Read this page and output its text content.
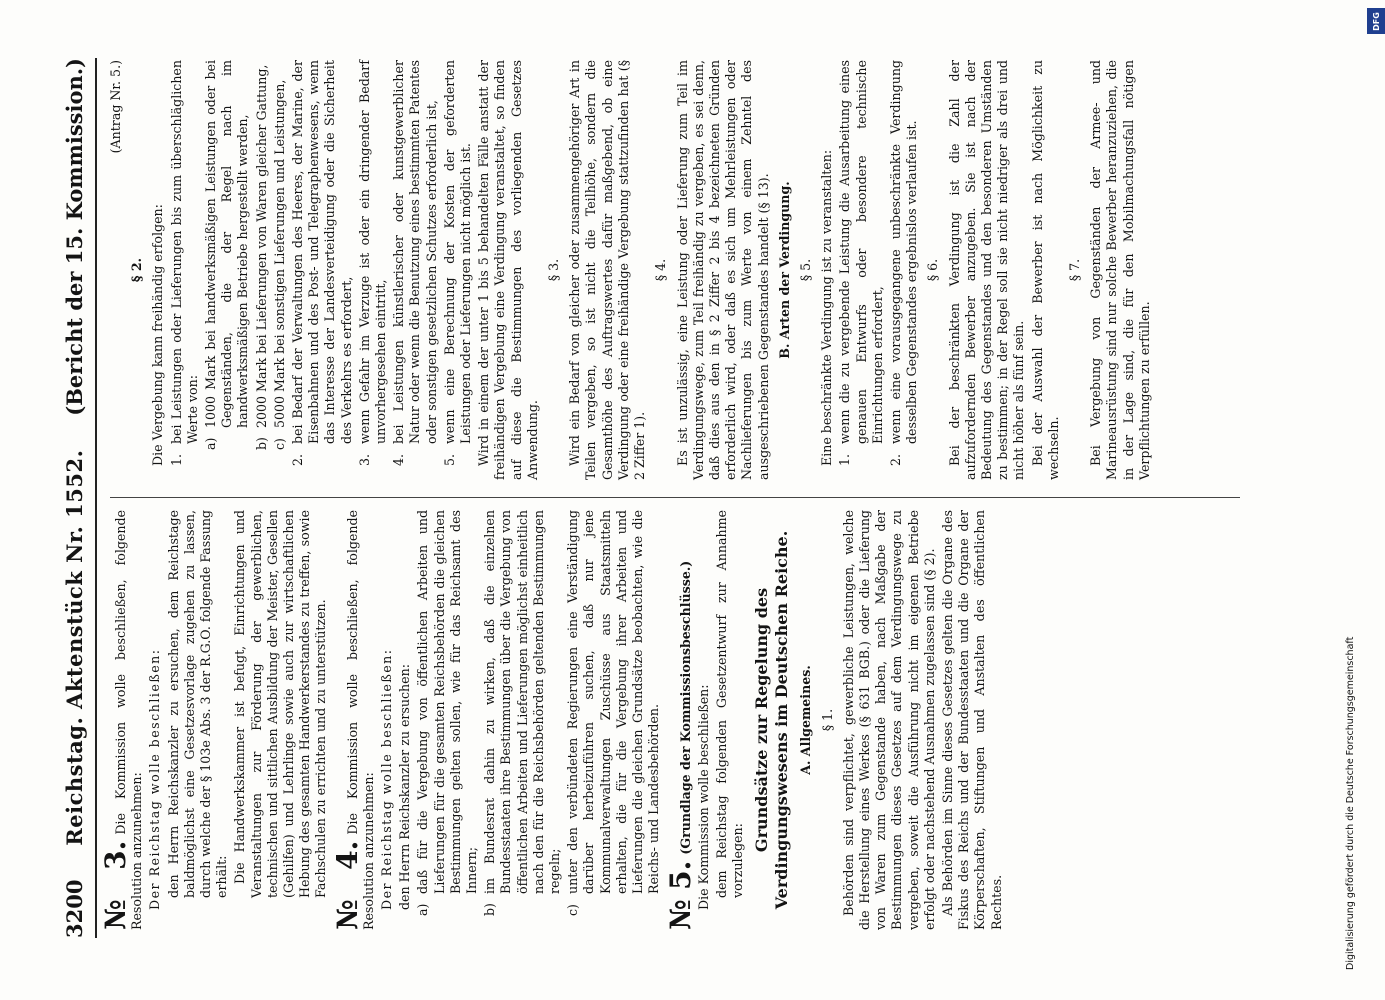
3200
Reichstag. Aktenstück Nr. 1552.
(Bericht der 15. Kommission.)

№ 3.Die Kommission wolle beschließen, folgende Resolution anzunehmen: Der Reichstag wolle beschließen: den Herrn Reichskanzler zu ersuchen, dem Reichstage baldmöglichst eine Gesetzesvorlage zugehen zu lassen, durch welche der § 103e Abs. 3 der R.G.O. folgende Fassung erhält: Die Handwerkskammer ist befugt, Einrichtungen und Veranstaltungen zur Förderung der gewerblichen, technischen und sittlichen Ausbildung der Meister, Gesellen (Gehilfen) und Lehrlinge sowie auch zur wirtschaftlichen Hebung des gesamten Handwerkerstandes zu treffen, sowie Fachschulen zu errichten und zu unterstützen. № 4.Die Kommission wolle beschließen, folgende Resolution anzunehmen: Der Reichstag wolle beschließen: den Herrn Reichskanzler zu ersuchen: a)
daß für die Vergebung von öffentlichen Arbeiten und Lieferungen für die gesamten Reichsbehörden die gleichen Bestimmungen gelten sollen, wie für das Reichsamt des Innern;
b)
im Bundesrat dahin zu wirken, daß die einzelnen Bundesstaaten ihre Bestimmungen über die Vergebung von öffentlichen Arbeiten und Lieferungen möglichst einheitlich nach den für die Reichsbehörden geltenden Bestimmungen regeln;
c)
unter den verbündeten Regierungen eine Verständigung darüber herbeizuführen suchen, daß nur jene Kommunalverwaltungen Zuschüsse aus Staatsmitteln erhalten, die für die Vergebung ihrer Arbeiten und Lieferungen die gleichen Grundsätze beobachten, wie die Reichs- und Landesbehörden.

№ 5.(Grundlage der Kommissionsbeschlüsse.) Die Kommission wolle beschließen: dem Reichstag folgenden Gesetzentwurf zur Annahme vorzulegen:

Grundsätze zur Regelung des Verdingungswesens im Deutschen Reiche. A. Allgemeines. § 1. Behörden sind verpflichtet, gewerbliche Leistungen, welche die Herstellung eines Werkes (§ 631 BGB.) oder die Lieferung von Waren zum Gegenstande haben, nach Maßgabe der Bestimmungen dieses Gesetzes auf dem Verdingungswege zu vergeben, soweit die Ausführung nicht im eigenen Betriebe erfolgt oder nachstehend Ausnahmen zugelassen sind (§ 2). Als Behörden im Sinne dieses Gesetzes gelten die Organe des Fiskus des Reichs und der Bundesstaaten und die Organe der Körperschaften, Stiftungen und Anstalten des öffentlichen Rechtes.

(Antrag Nr. 5.)

§ 2. Die Vergebung kann freihändig erfolgen: 1.
bei Leistungen oder Lieferungen bis zum überschläglichen Werte von: a)
1000 Mark bei handwerksmäßigen Leistungen oder bei Gegenständen, die der Regel nach im handwerksmäßigen Betriebe hergestellt werden,
b)
2000 Mark bei Lieferungen von Waren gleicher Gattung,
c)
5000 Mark bei sonstigen Lieferungen und Leistungen,
2.
bei Bedarf der Verwaltungen des Heeres, der Marine, der Eisenbahnen und des Post- und Telegraphenwesens, wenn das Interesse der Landesverteidigung oder die Sicherheit des Verkehrs es erfordert,
3.
wenn Gefahr im Verzuge ist oder ein dringender Bedarf unvorhergesehen eintritt,
4.
bei Leistungen künstlerischer oder kunstgewerblicher Natur oder wenn die Benutzung eines bestimmten Patentes oder sonstigen gesetzlichen Schutzes erforderlich ist,
5.
wenn eine Berechnung der Kosten der geforderten Leistungen oder Lieferungen nicht möglich ist. Wird in einem der unter 1 bis 5 behandelten Fälle anstatt der freihändigen Vergebung eine Verdingung veranstaltet, so finden auf diese die Bestimmungen des vorliegenden Gesetzes Anwendung.

§ 3. Wird ein Bedarf von gleicher oder zusammengehöriger Art in Teilen vergeben, so ist nicht die Teilhöhe, sondern die Gesamthöhe des Auftragswertes dafür maßgebend, ob eine Verdingung oder eine freihändige Vergebung stattzufinden hat (§ 2 Ziffer 1).

§ 4. Es ist unzulässig, eine Leistung oder Lieferung zum Teil im Verdingungswege, zum Teil freihändig zu vergeben, es sei denn, daß dies aus den in § 2 Ziffer 2 bis 4 bezeichneten Gründen erforderlich wird, oder daß es sich um Mehrleistungen oder Nachlieferungen bis zum Werte von einem Zehntel des ausgeschriebenen Gegenstandes handelt (§ 13). B. Arten der Verdingung. § 5. Eine beschränkte Verdingung ist zu veranstalten: 1.
wenn die zu vergebende Leistung die Ausarbeitung eines genauen Entwurfs oder besondere technische Einrichtungen erfordert,
2.
wenn eine vorausgegangene unbeschränkte Verdingung desselben Gegenstandes ergebnislos verlaufen ist. § 6. Bei der beschränkten Verdingung ist die Zahl der aufzufordernden Bewerber anzugeben. Sie ist nach der Bedeutung des Gegenstandes und den besonderen Umständen zu bestimmen; in der Regel soll sie nicht niedriger als drei und nicht höher als fünf sein. Bei der Auswahl der Bewerber ist nach Möglichkeit zu wechseln.

§ 7. Bei Vergebung von Gegenständen der Armee- und Marineausrüstung sind nur solche Bewerber heranzuziehen, die in der Lage sind, die für den Mobilmachungsfall nötigen Verpflichtungen zu erfüllen.

Digitalisierung gefördert durch die Deutsche Forschungsgemeinschaft
DFG
